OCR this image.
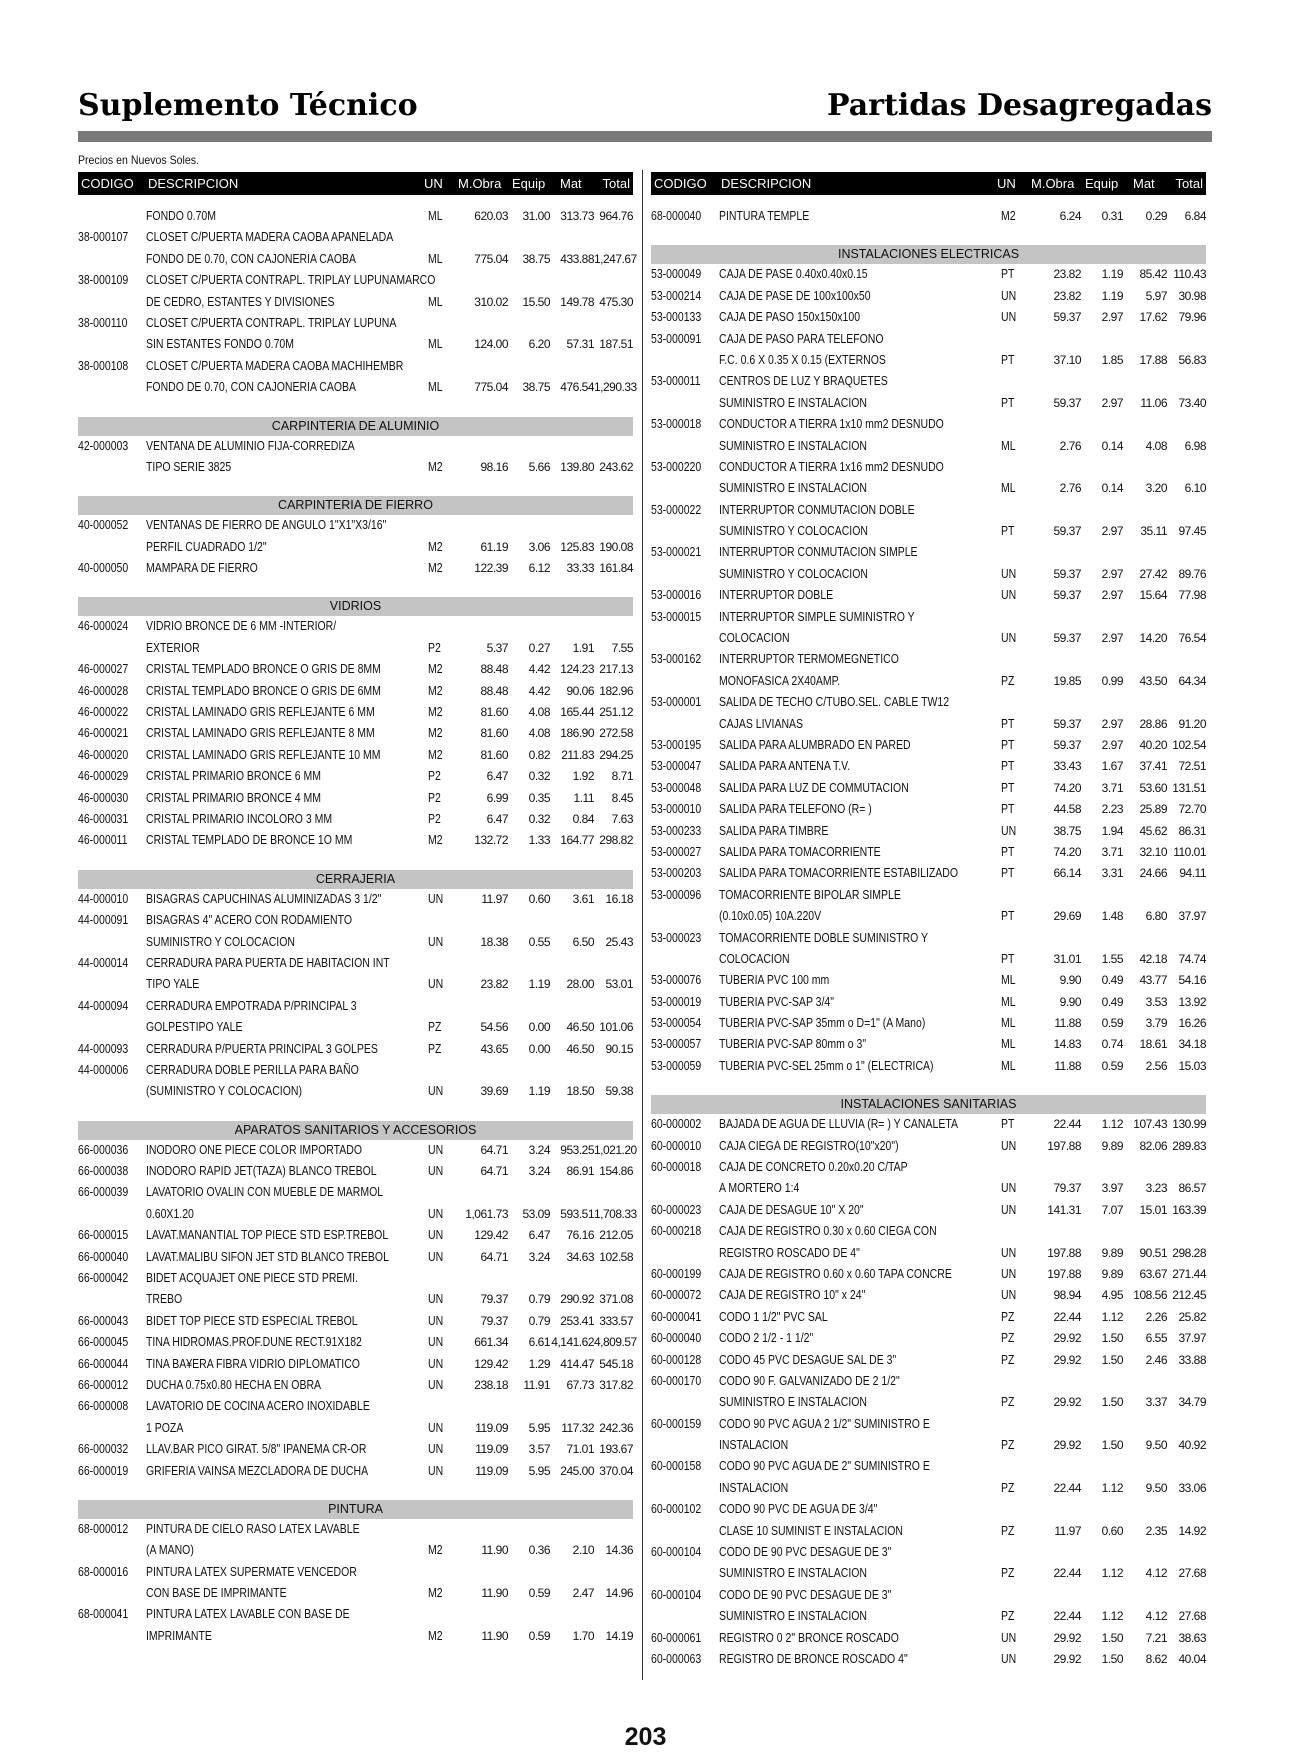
Suplemento Técnico	Partidas Desagregadas
Precios en Nuevos Soles.
CODIGO DESCRIPCION	UN M.Obra Equip Mat Total
FONDO 0.70M	ML	620.03	31.00 313.73 964.76
38-000107	CLOSET C/PUERTA MADERA CAOBA APANELADA
FONDO DE 0.70, CON CAJONERIA CAOBA	ML	775.04	38.75 433.88 1,247.67
38-000109	CLOSET C/PUERTA CONTRAPL. TRIPLAY LUPUNAMARCO
DE CEDRO, ESTANTES Y DIVISIONES	ML	310.02	15.50 149.78 475.30
38-000110	CLOSET C/PUERTA CONTRAPL. TRIPLAY LUPUNA
SIN ESTANTES FONDO 0.70M	ML	124.00	6.20	57.31 187.51
38-000108	CLOSET C/PUERTA MADERA CAOBA MACHIHEMBR
FONDO DE 0.70, CON CAJONERIA CAOBA	ML	775.04	38.75 476.54 1,290.33
CARPINTERIA DE ALUMINIO
42-000003	VENTANA DE ALUMINIO FIJA-CORREDIZA
TIPO SERIE 3825	M2	98.16	5.66 139.80 243.62
CARPINTERIA DE FIERRO
40-000052	VENTANAS DE FIERRO DE ANGULO 1"X1"X3/16"
PERFIL CUADRADO 1/2"	M2	61.19	3.06 125.83 190.08
40-000050	MAMPARA DE FIERRO	M2	122.39	6.12	33.33 161.84
VIDRIOS
46-000024	VIDRIO BRONCE DE 6 MM -INTERIOR/
EXTERIOR	P2	5.37	0.27	1.91	7.55
46-000027	CRISTAL TEMPLADO BRONCE O GRIS DE 8MM	M2	88.48	4.42 124.23 217.13
46-000028	CRISTAL TEMPLADO BRONCE O GRIS DE 6MM	M2	88.48	4.42	90.06 182.96
46-000022	CRISTAL LAMINADO GRIS REFLEJANTE 6 MM	M2	81.60	4.08 165.44 251.12
46-000021	CRISTAL LAMINADO GRIS REFLEJANTE 8 MM	M2	81.60	4.08 186.90 272.58
46-000020	CRISTAL LAMINADO GRIS REFLEJANTE 10 MM	M2	81.60	0.82 211.83 294.25
46-000029	CRISTAL PRIMARIO BRONCE 6 MM	P2	6.47	0.32	1.92	8.71
46-000030	CRISTAL PRIMARIO BRONCE 4 MM	P2	6.99	0.35	1.11	8.45
46-000031	CRISTAL PRIMARIO INCOLORO 3 MM	P2	6.47	0.32	0.84	7.63
46-000011	CRISTAL TEMPLADO DE BRONCE 1O MM	M2	132.72	1.33 164.77 298.82
CERRAJERIA
44-000010	BISAGRAS CAPUCHINAS ALUMINIZADAS 3 1/2"	UN	11.97	0.60	3.61 16.18
44-000091	BISAGRAS 4" ACERO CON RODAMIENTO
SUMINISTRO Y COLOCACION	UN	18.38	0.55	6.50 25.43
44-000014	CERRADURA PARA PUERTA DE HABITACION INT
TIPO YALE	UN	23.82	1.19	28.00 53.01
44-000094	CERRADURA EMPOTRADA P/PRINCIPAL 3
GOLPESTIPO YALE	PZ	54.56	0.00	46.50 101.06
44-000093	CERRADURA P/PUERTA PRINCIPAL 3 GOLPES	PZ	43.65	0.00	46.50 90.15
44-000006	CERRADURA DOBLE PERILLA PARA BAÑO
(SUMINISTRO Y COLOCACION)	UN	39.69	1.19	18.50 59.38
APARATOS SANITARIOS Y ACCESORIOS
66-000036	INODORO ONE PIECE COLOR IMPORTADO	UN	64.71	3.24 953.25 1,021.20
66-000038	INODORO RAPID JET(TAZA) BLANCO TREBOL	UN	64.71	3.24	86.91 154.86
66-000039	LAVATORIO OVALIN CON MUEBLE DE MARMOL
0.60X1.20	UN	1,061.73	53.09 593.51 1,708.33
66-000015	LAVAT.MANANTIAL TOP PIECE STD ESP.TREBOL	UN	129.42	6.47	76.16 212.05
66-000040	LAVAT.MALIBU SIFON JET STD BLANCO TREBOL	UN	64.71	3.24	34.63 102.58
66-000042	BIDET ACQUAJET ONE PIECE STD PREMI.
TREBO	UN	79.37	0.79 290.92 371.08
66-000043	BIDET TOP PIECE STD ESPECIAL TREBOL	UN	79.37	0.79 253.41 333.57
66-000045	TINA HIDROMAS.PROF.DUNE RECT.91X182	UN	661.34	6.61 4,141.62 4,809.57
66-000044	TINA BA¥ERA FIBRA VIDRIO DIPLOMATICO	UN	129.42	1.29 414.47 545.18
66-000012	DUCHA 0.75x0.80 HECHA EN OBRA	UN	238.18	11.91	67.73 317.82
66-000008	LAVATORIO DE COCINA ACERO INOXIDABLE
1 POZA	UN	119.09	5.95 117.32 242.36
66-000032	LLAV.BAR PICO GIRAT. 5/8" IPANEMA CR-OR	UN	119.09	3.57	71.01 193.67
66-000019	GRIFERIA VAINSA MEZCLADORA DE DUCHA	UN	119.09	5.95 245.00 370.04
PINTURA
68-000012	PINTURA DE CIELO RASO LATEX LAVABLE
(A MANO)	M2	11.90	0.36	2.10 14.36
68-000016	PINTURA LATEX SUPERMATE VENCEDOR
CON BASE DE IMPRIMANTE	M2	11.90	0.59	2.47 14.96
68-000041	PINTURA LATEX LAVABLE CON BASE DE
IMPRIMANTE	M2	11.90	0.59	1.70 14.19
CODIGO DESCRIPCION	UN M.Obra Equip Mat Total
68-000040	PINTURA TEMPLE	M2	6.24	0.31	0.29	6.84
INSTALACIONES ELECTRICAS
53-000049	CAJA DE PASE 0.40x0.40x0.15	PT	23.82	1.19	85.42 110.43
53-000214	CAJA DE PASE DE 100x100x50	UN	23.82	1.19	5.97 30.98
53-000133	CAJA DE PASO 150x150x100	UN	59.37	2.97	17.62 79.96
53-000091	CAJA DE PASO PARA TELEFONO
F.C. 0.6 X 0.35 X 0.15 (EXTERNOS	PT	37.10	1.85	17.88 56.83
53-000011	CENTROS DE LUZ Y BRAQUETES
SUMINISTRO E INSTALACION	PT	59.37	2.97	11.06 73.40
53-000018	CONDUCTOR A TIERRA 1x10 mm2 DESNUDO
SUMINISTRO E INSTALACION	ML	2.76	0.14	4.08	6.98
53-000220	CONDUCTOR A TIERRA 1x16 mm2 DESNUDO
SUMINISTRO E INSTALACION	ML	2.76	0.14	3.20	6.10
53-000022	INTERRUPTOR CONMUTACION DOBLE
SUMINISTRO Y COLOCACION	PT	59.37	2.97	35.11 97.45
53-000021	INTERRUPTOR CONMUTACION SIMPLE
SUMINISTRO Y COLOCACION	UN	59.37	2.97	27.42 89.76
53-000016	INTERRUPTOR DOBLE	UN	59.37	2.97	15.64 77.98
53-000015	INTERRUPTOR SIMPLE SUMINISTRO Y
COLOCACION	UN	59.37	2.97	14.20 76.54
53-000162	INTERRUPTOR TERMOMEGNETICO
MONOFASICA 2X40AMP.	PZ	19.85	0.99	43.50 64.34
53-000001	SALIDA DE TECHO C/TUBO.SEL. CABLE TW12
CAJAS LIVIANAS	PT	59.37	2.97	28.86 91.20
53-000195	SALIDA PARA ALUMBRADO EN PARED	PT	59.37	2.97	40.20 102.54
53-000047	SALIDA PARA ANTENA T.V.	PT	33.43	1.67	37.41 72.51
53-000048	SALIDA PARA LUZ DE COMMUTACION	PT	74.20	3.71	53.60 131.51
53-000010	SALIDA PARA TELEFONO (R= )	PT	44.58	2.23	25.89 72.70
53-000233	SALIDA PARA TIMBRE	UN	38.75	1.94	45.62 86.31
53-000027	SALIDA PARA TOMACORRIENTE	PT	74.20	3.71	32.10 110.01
53-000203	SALIDA PARA TOMACORRIENTE ESTABILIZADO	PT	66.14	3.31	24.66	94.11
53-000096	TOMACORRIENTE BIPOLAR SIMPLE
(0.10x0.05) 10A.220V	PT	29.69	1.48	6.80 37.97
53-000023	TOMACORRIENTE DOBLE SUMINISTRO Y
COLOCACION	PT	31.01	1.55	42.18 74.74
53-000076	TUBERIA PVC 100 mm	ML	9.90	0.49	43.77 54.16
53-000019	TUBERIA PVC-SAP 3/4"	ML	9.90	0.49	3.53 13.92
53-000054	TUBERIA PVC-SAP 35mm o D=1" (A Mano)	ML	11.88	0.59	3.79 16.26
53-000057	TUBERIA PVC-SAP 80mm o 3"	ML	14.83	0.74	18.61 34.18
53-000059	TUBERIA PVC-SEL 25mm o 1" (ELECTRICA)	ML	11.88	0.59	2.56 15.03
INSTALACIONES SANITARIAS
60-000002	BAJADA DE AGUA DE LLUVIA (R= ) Y CANALETA	PT	22.44	1.12 107.43 130.99
60-000010	CAJA CIEGA DE REGISTRO(10"x20")	UN	197.88	9.89	82.06 289.83
60-000018	CAJA DE CONCRETO 0.20x0.20 C/TAP
A MORTERO 1:4	UN	79.37	3.97	3.23 86.57
60-000023	CAJA DE DESAGUE 10" X 20"	UN	141.31	7.07	15.01 163.39
60-000218	CAJA DE REGISTRO 0.30 x 0.60 CIEGA CON
REGISTRO ROSCADO DE 4"	UN	197.88	9.89	90.51 298.28
60-000199	CAJA DE REGISTRO 0.60 x 0.60 TAPA CONCRE	UN	197.88	9.89	63.67 271.44
60-000072	CAJA DE REGISTRO 10" x 24"	UN	98.94	4.95 108.56 212.45
60-000041	CODO 1 1/2" PVC SAL	PZ	22.44	1.12	2.26 25.82
60-000040	CODO 2 1/2 - 1 1/2"	PZ	29.92	1.50	6.55 37.97
60-000128	CODO 45 PVC DESAGUE SAL DE 3"	PZ	29.92	1.50	2.46 33.88
60-000170	CODO 90 F. GALVANIZADO DE 2 1/2"
SUMINISTRO E INSTALACION	PZ	29.92	1.50	3.37 34.79
60-000159	CODO 90 PVC AGUA 2 1/2" SUMINISTRO E
INSTALACION	PZ	29.92	1.50	9.50 40.92
60-000158	CODO 90 PVC AGUA DE 2" SUMINISTRO E
INSTALACION	PZ	22.44	1.12	9.50 33.06
60-000102	CODO 90 PVC DE AGUA DE 3/4"
CLASE 10 SUMINIST E INSTALACION	PZ	11.97	0.60	2.35 14.92
60-000104	CODO DE 90 PVC DESAGUE DE 3"
SUMINISTRO E INSTALACION	PZ	22.44	1.12	4.12 27.68
60-000104	CODO DE 90 PVC DESAGUE DE 3"
SUMINISTRO E INSTALACION	PZ	22.44	1.12	4.12 27.68
60-000061	REGISTRO 0 2" BRONCE ROSCADO	UN	29.92	1.50	7.21 38.63
60-000063	REGISTRO DE BRONCE ROSCADO 4"	UN	29.92	1.50	8.62 40.04
203
